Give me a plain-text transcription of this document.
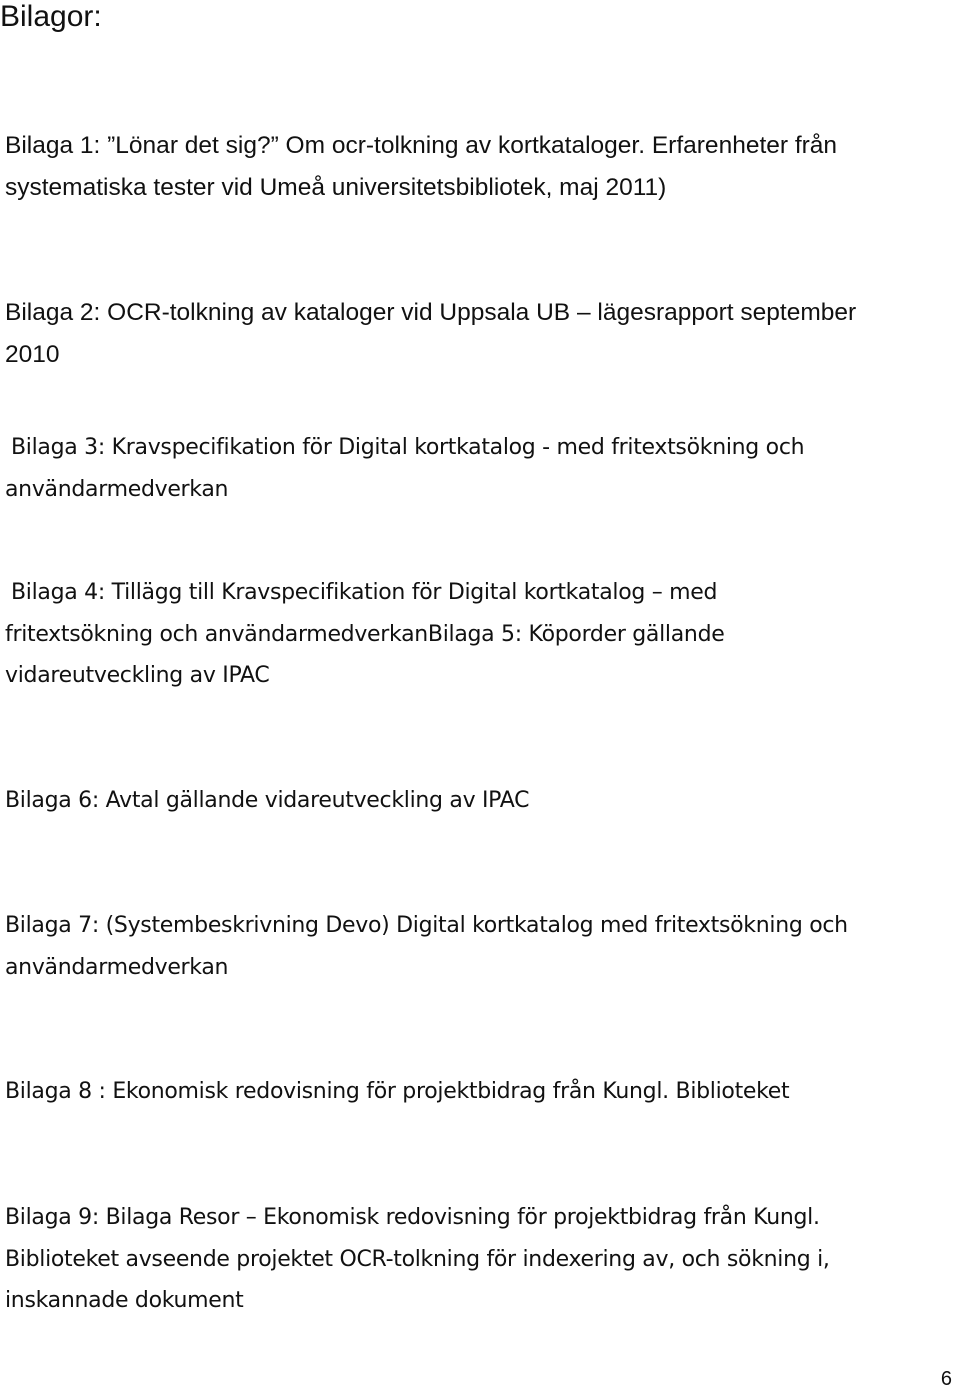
Bilagor:

Bilaga 1: ”Lönar det sig?” Om ocr-tolkning av kortkataloger. Erfarenheter från
systematiska tester vid Umeå universitetsbibliotek, maj 2011)

Bilaga 2: OCR-tolkning av kataloger vid Uppsala UB – lägesrapport september
2010

Bilaga 3: Kravspecifikation för Digital kortkatalog - med fritextsökning och
användarmedverkan

Bilaga 4: Tillägg till Kravspecifikation för Digital kortkatalog – med
fritextsökning och användarmedverkanBilaga 5: Köporder gällande
vidareutveckling av IPAC

Bilaga 6: Avtal gällande vidareutveckling av IPAC

Bilaga 7: (Systembeskrivning Devo) Digital kortkatalog med fritextsökning och
användarmedverkan

Bilaga 8 : Ekonomisk redovisning för projektbidrag från Kungl. Biblioteket

Bilaga 9: Bilaga Resor – Ekonomisk redovisning för projektbidrag från Kungl.
Biblioteket avseende projektet OCR-tolkning för indexering av, och sökning i,
inskannade dokument

6
